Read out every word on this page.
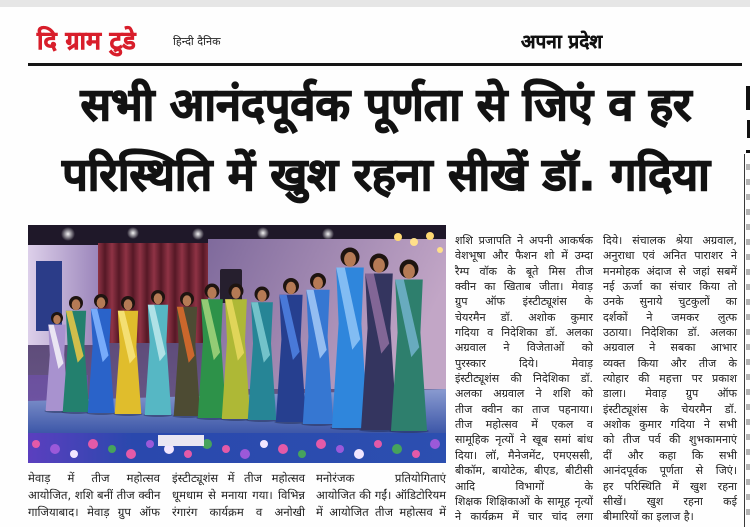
दि ग्राम टुडे	हिन्दी दैनिक	अपना प्रदेश
सभी आनंदपूर्वक पूर्णता से जिएं व हर
परिस्थिति में खुश रहना सीखें डॉ. गदिया
मेवाड़ में तीज महोत्सव
आयोजित, शशि बनीं तीज क्वीन
गाजियाबाद। मेवाड़ ग्रुप ऑफ
इंस्टीट्यूशंस में तीज महोत्सव
धूमधाम से मनाया गया। विभिन्न
रंगारंग कार्यक्रम व अनोखी
मनोरंजक प्रतियोगिताएं
आयोजित की गईं। ऑडिटोरियम
में आयोजित तीज महोत्सव में
शशि प्रजापति ने अपनी आकर्षक
वेशभूषा और फैशन शो में उम्दा
रैम्प वॉक के बूते मिस तीज
क्वीन का खिताब जीता। मेवाड़
ग्रुप ऑफ इंस्टीट्यूशंस के
चेयरमैन डॉ. अशोक कुमार
गदिया व निदेशिका डॉ. अलका
अग्रवाल ने विजेताओं को
पुरस्कार दिये। मेवाड़
इंस्टीट्यूशंस की निदेशिका डॉ.
अलका अग्रवाल ने शशि को
तीज क्वीन का ताज पहनाया।
तीज महोत्सव में एकल व
सामूहिक नृत्यों ने खूब समां बांध
दिया। लॉ, मैनेजमेंट, एमएससी,
बीकॉम, बायोटेक, बीएड, बीटीसी
आदि विभागों के
शिक्षक शिक्षिकाओं के सामूह नृत्यों
ने कार्यक्रम में चार चांद लगा
दिये। संचालक श्रेया अग्रवाल,
अनुराधा एवं अनित पाराशर ने
मनमोहक अंदाज से जहां सबमें
नई ऊर्जा का संचार किया तो
उनके सुनाये चुटकुलों का
दर्शकों ने जमकर लुत्फ
उठाया। निदेशिका डॉ. अलका
अग्रवाल ने सबका आभार
व्यक्त किया और तीज के
त्योहार की महत्ता पर प्रकाश
डाला। मेवाड़ ग्रुप ऑफ
इंस्टीट्यूशंस के चेयरमैन डॉ.
अशोक कुमार गदिया ने सभी
को तीज पर्व की शुभकामनाएं
दीं और कहा कि सभी
आनंदपूर्वक पूर्णता से जिएं।
हर परिस्थिति में खुश रहना
सीखें। खुश रहना कई
बीमारियों का इलाज है।
